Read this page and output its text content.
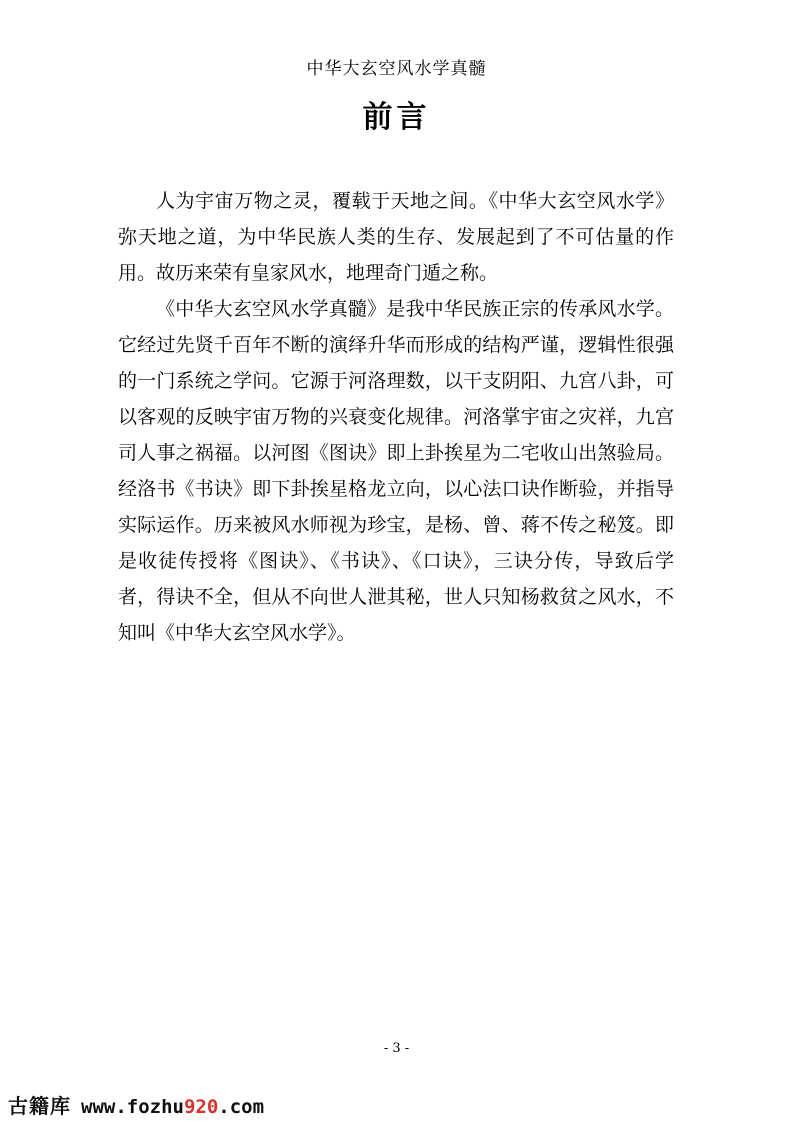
中华大玄空风水学真髓
前言

人为宇宙万物之灵，覆载于天地之间。《中华大玄空风水学》弥天地之道，为中华民族人类的生存、发展起到了不可估量的作用。故历来荣有皇家风水，地理奇门遁之称。

《中华大玄空风水学真髓》是我中华民族正宗的传承风水学。它经过先贤千百年不断的演绎升华而形成的结构严谨，逻辑性很强的一门系统之学问。它源于河洛理数，以干支阴阳、九宫八卦，可以客观的反映宇宙万物的兴衰变化规律。河洛掌宇宙之灾祥，九宫司人事之祸福。以河图《图诀》即上卦挨星为二宅收山出煞验局。经洛书《书诀》即下卦挨星格龙立向，以心法口诀作断验，并指导实际运作。历来被风水师视为珍宝，是杨、曾、蒋不传之秘笈。即是收徒传授将《图诀》、《书诀》、《口诀》，三诀分传，导致后学者，得诀不全，但从不向世人泄其秘，世人只知杨救贫之风水，不知叫《中华大玄空风水学》。

- 3 -
古籍库 www.fozhu 920 .com
